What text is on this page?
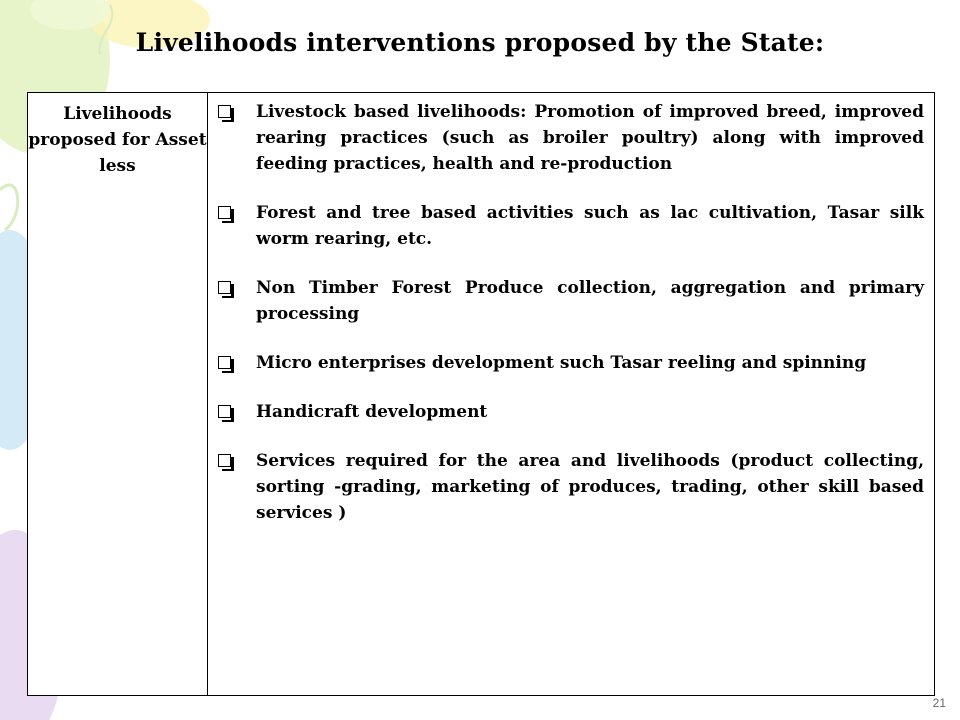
Livelihoods interventions proposed by the State:
Livelihoods proposed for Asset less
Livestock based livelihoods: Promotion of improved breed, improved rearing practices (such as broiler poultry) along with improved feeding practices, health and re-production
Forest and tree based activities such as lac cultivation, Tasar silk worm rearing, etc.
Non Timber Forest Produce collection, aggregation and primary processing
Micro enterprises development such Tasar reeling and spinning
Handicraft development
Services required for the area and livelihoods (product collecting, sorting -grading, marketing of produces, trading, other skill based services )
21
